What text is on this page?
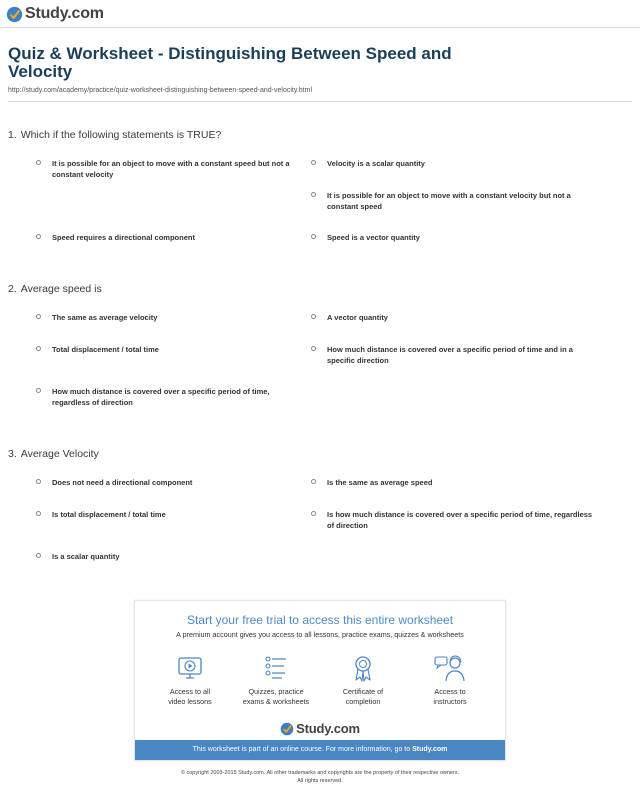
Study.com
Quiz & Worksheet - Distinguishing Between Speed and Velocity
http://study.com/academy/practice/quiz-worksheet-distinguishing-between-speed-and-velocity.html
1. Which if the following statements is TRUE?
It is possible for an object to move with a constant speed but not a constant velocity
Velocity is a scalar quantity
It is possible for an object to move with a constant velocity but not a constant speed
Speed requires a directional component	Speed is a vector quantity
2. Average speed is
The same as average velocity	A vector quantity
Total displacement / total time	How much distance is covered over a specific period of time and in a specific direction
How much distance is covered over a specific period of time, regardless of direction
3. Average Velocity
Does not need a directional component	Is the same as average speed
Is total displacement / total time	Is how much distance is covered over a specific period of time, regardless of direction
Is a scalar quantity
Start your free trial to access this entire worksheet
A premium account gives you access to all lessons, practice exams, quizzes & worksheets
Access to all
video lessons
Quizzes, practice
exams & worksheets
Certificate of
completion
Access to
instructors
Study.com
This worksheet is part of an online course. For more information, go to Study.com
© copyright 2003-2015 Study.com. All other trademarks and copyrights are the property of their respective owners.
All rights reserved.
